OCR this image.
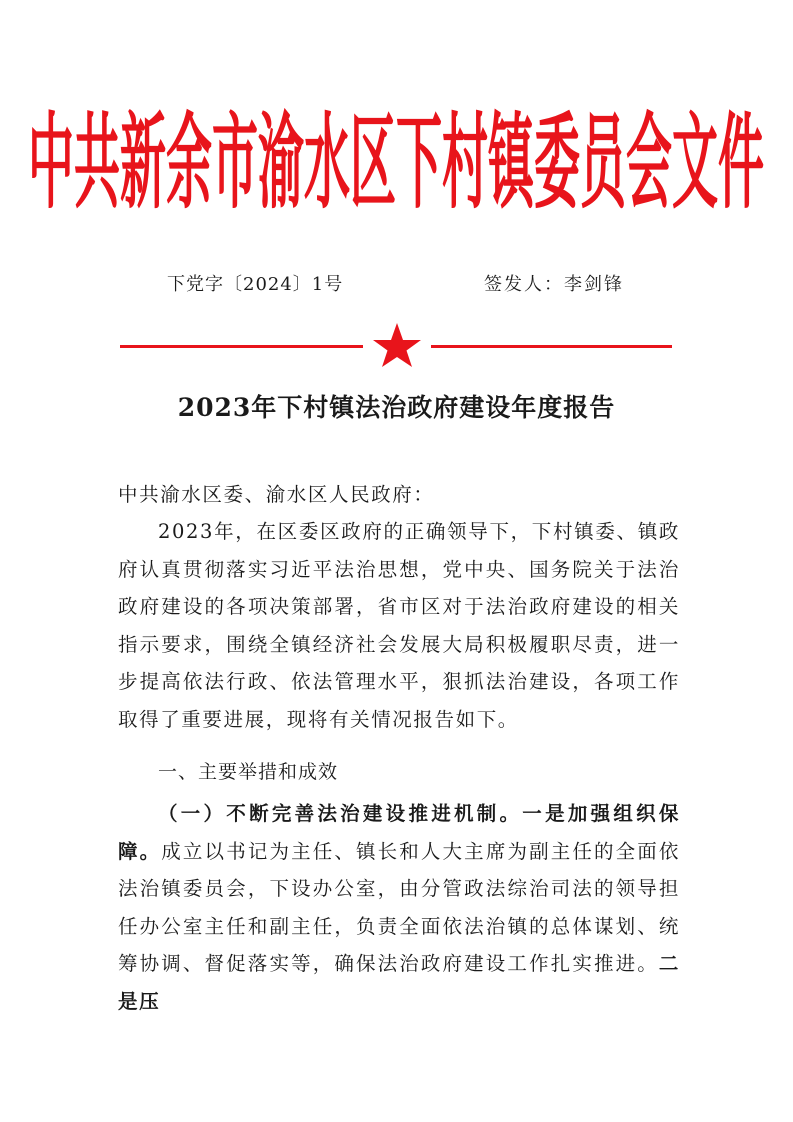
中共新余市渝水区下村镇委员会文件
下党字〔2024〕1号	签发人：李剑锋
2023年下村镇法治政府建设年度报告
中共渝水区委、渝水区人民政府：
2023年，在区委区政府的正确领导下，下村镇委、镇政府认真贯彻落实习近平法治思想，党中央、国务院关于法治政府建设的各项决策部署，省市区对于法治政府建设的相关指示要求，围绕全镇经济社会发展大局积极履职尽责，进一步提高依法行政、依法管理水平，狠抓法治建设，各项工作取得了重要进展，现将有关情况报告如下。
一、主要举措和成效
（一）不断完善法治建设推进机制。一是加强组织保障。成立以书记为主任、镇长和人大主席为副主任的全面依法治镇委员会，下设办公室，由分管政法综治司法的领导担任办公室主任和副主任，负责全面依法治镇的总体谋划、统筹协调、督促落实等，确保法治政府建设工作扎实推进。二是压
